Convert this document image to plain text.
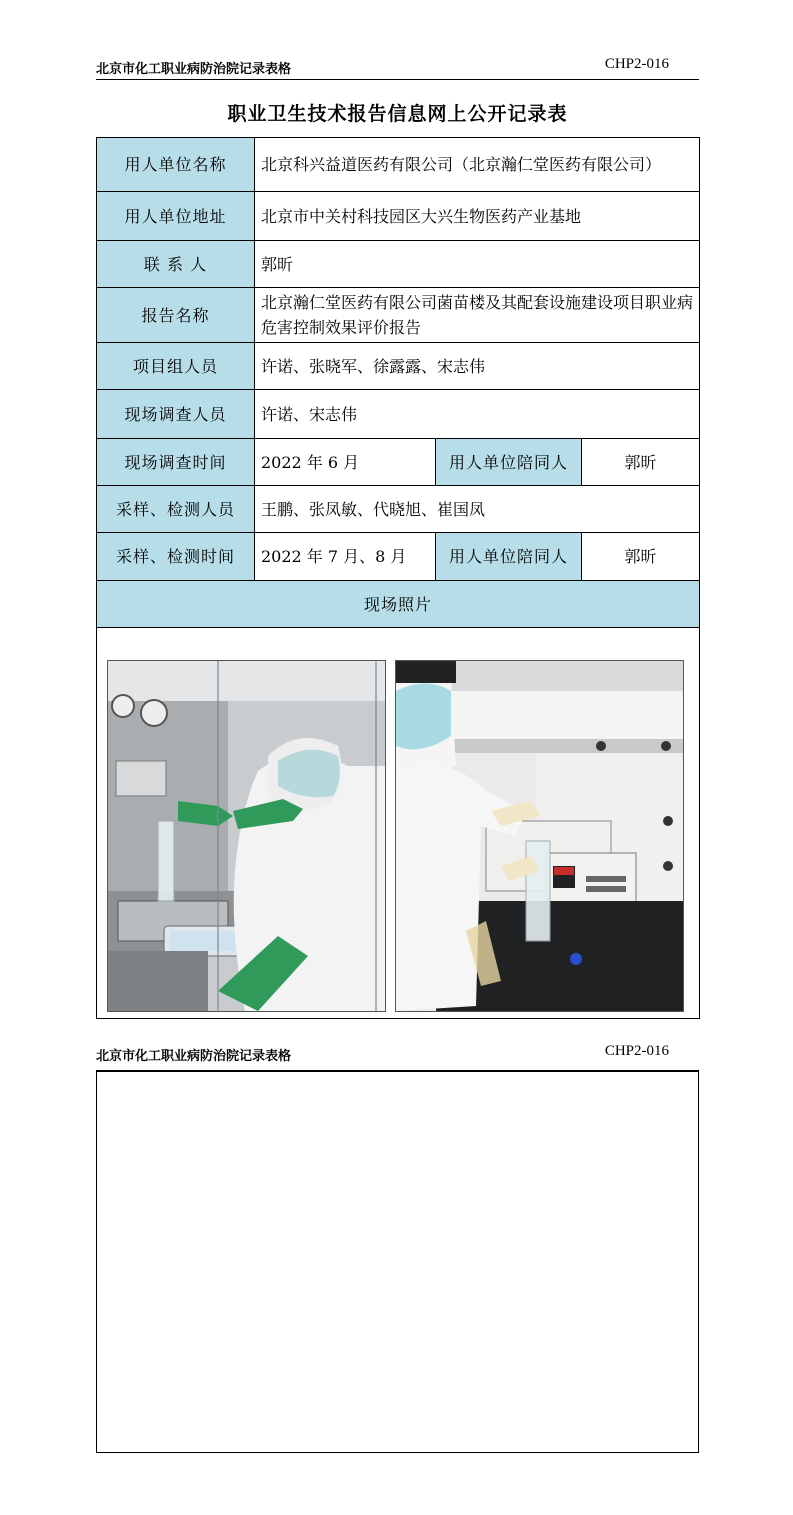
北京市化工职业病防治院记录表格	CHP2-016
职业卫生技术报告信息网上公开记录表
用人单位名称	北京科兴益道医药有限公司（北京瀚仁堂医药有限公司）		
用人单位地址	北京市中关村科技园区大兴生物医药产业基地		
联 系 人	郭昕		
报告名称	北京瀚仁堂医药有限公司菌苗楼及其配套设施建设项目职业病危害控制效果评价报告		
项目组人员	许诺、张晓军、徐露露、宋志伟		
现场调查人员	许诺、宋志伟		
现场调查时间	2022 年 6 月	用人单位陪同人	郭昕
采样、检测人员	王鹏、张凤敏、代晓旭、崔国凤		
采样、检测时间	2022 年 7 月、8 月	用人单位陪同人	郭昕
现场照片			

北京市化工职业病防治院记录表格	CHP2-016
